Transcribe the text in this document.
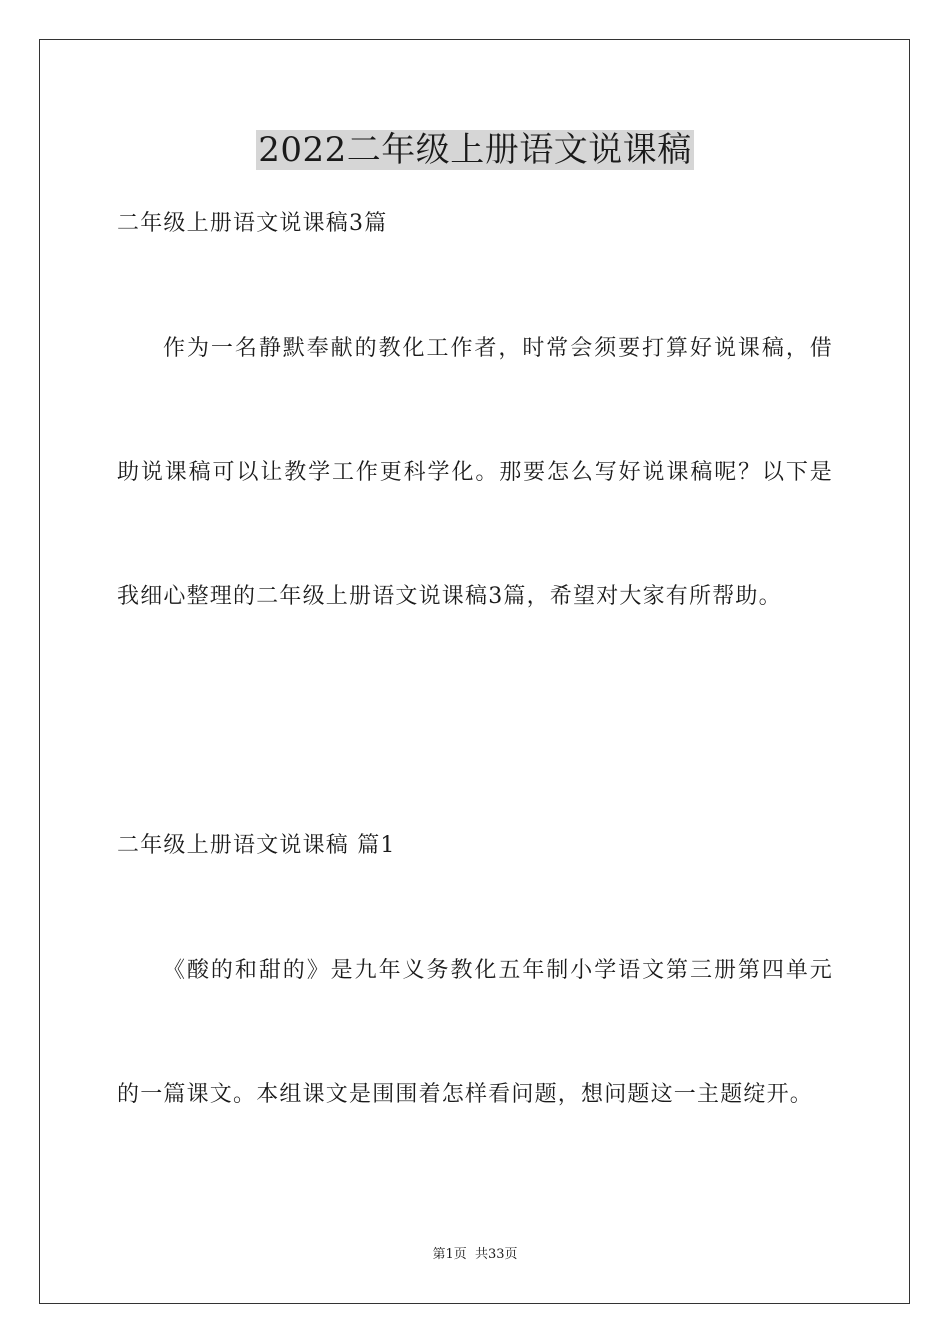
2022二年级上册语文说课稿
二年级上册语文说课稿3篇
作为一名静默奉献的教化工作者，时常会须要打算好说课稿，借
助说课稿可以让教学工作更科学化。那要怎么写好说课稿呢？以下是
我细心整理的二年级上册语文说课稿3篇，希望对大家有所帮助。
二年级上册语文说课稿 篇1
《酸的和甜的》是九年义务教化五年制小学语文第三册第四单元
的一篇课文。本组课文是围围着怎样看问题，想问题这一主题绽开。
第1页  共33页
